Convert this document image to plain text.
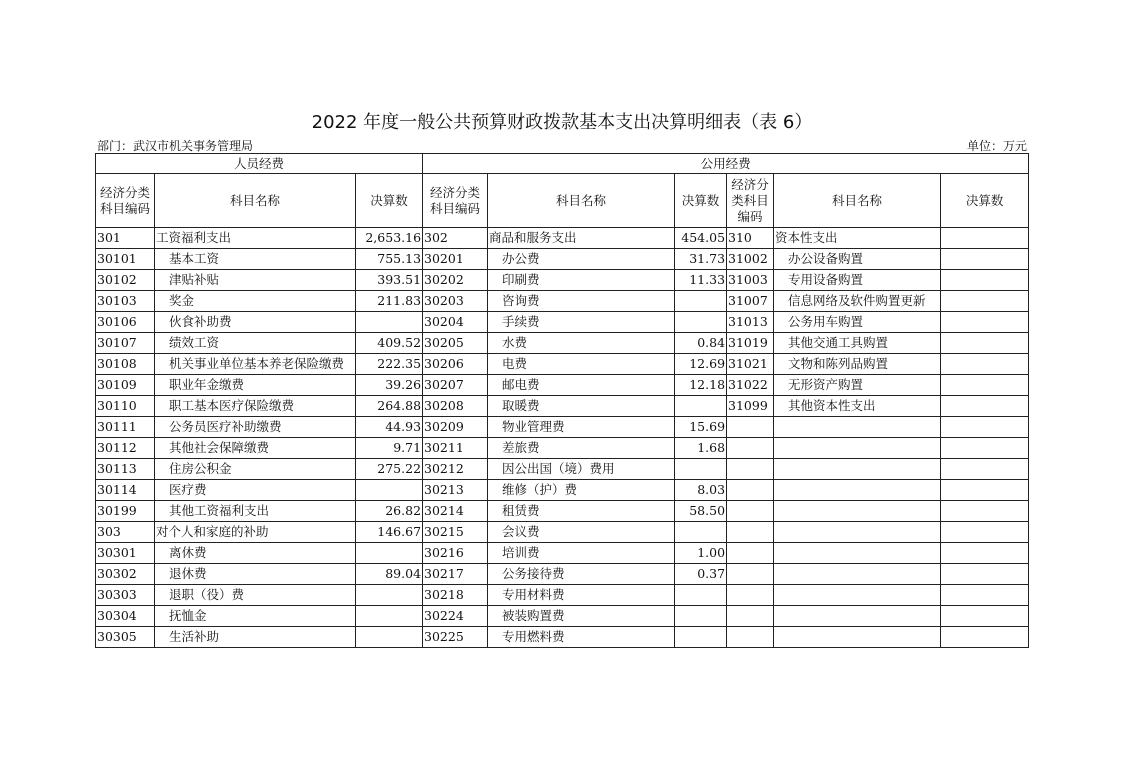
2022 年度一般公共预算财政拨款基本支出决算明细表（表 6）
部门：武汉市机关事务管理局	单位：万元
人员经费			公用经费					
经济分类科目编码	科目名称	决算数	经济分类科目编码	科目名称	决算数	经济分类科目编码	科目名称	决算数
301	工资福利支出	2,653.16	302	商品和服务支出	454.05	310	资本性支出	
30101	基本工资	755.13	30201	办公费	31.73	31002	办公设备购置	
30102	津贴补贴	393.51	30202	印刷费	11.33	31003	专用设备购置	
30103	奖金	211.83	30203	咨询费		31007	信息网络及软件购置更新	
30106	伙食补助费		30204	手续费		31013	公务用车购置	
30107	绩效工资	409.52	30205	水费	0.84	31019	其他交通工具购置	
30108	机关事业单位基本养老保险缴费	222.35	30206	电费	12.69	31021	文物和陈列品购置	
30109	职业年金缴费	39.26	30207	邮电费	12.18	31022	无形资产购置	
30110	职工基本医疗保险缴费	264.88	30208	取暖费		31099	其他资本性支出	
30111	公务员医疗补助缴费	44.93	30209	物业管理费	15.69			
30112	其他社会保障缴费	9.71	30211	差旅费	1.68			
30113	住房公积金	275.22	30212	因公出国（境）费用				
30114	医疗费		30213	维修（护）费	8.03			
30199	其他工资福利支出	26.82	30214	租赁费	58.50			
303	对个人和家庭的补助	146.67	30215	会议费				
30301	离休费		30216	培训费	1.00			
30302	退休费	89.04	30217	公务接待费	0.37			
30303	退职（役）费		30218	专用材料费				
30304	抚恤金		30224	被装购置费				
30305	生活补助		30225	专用燃料费				
